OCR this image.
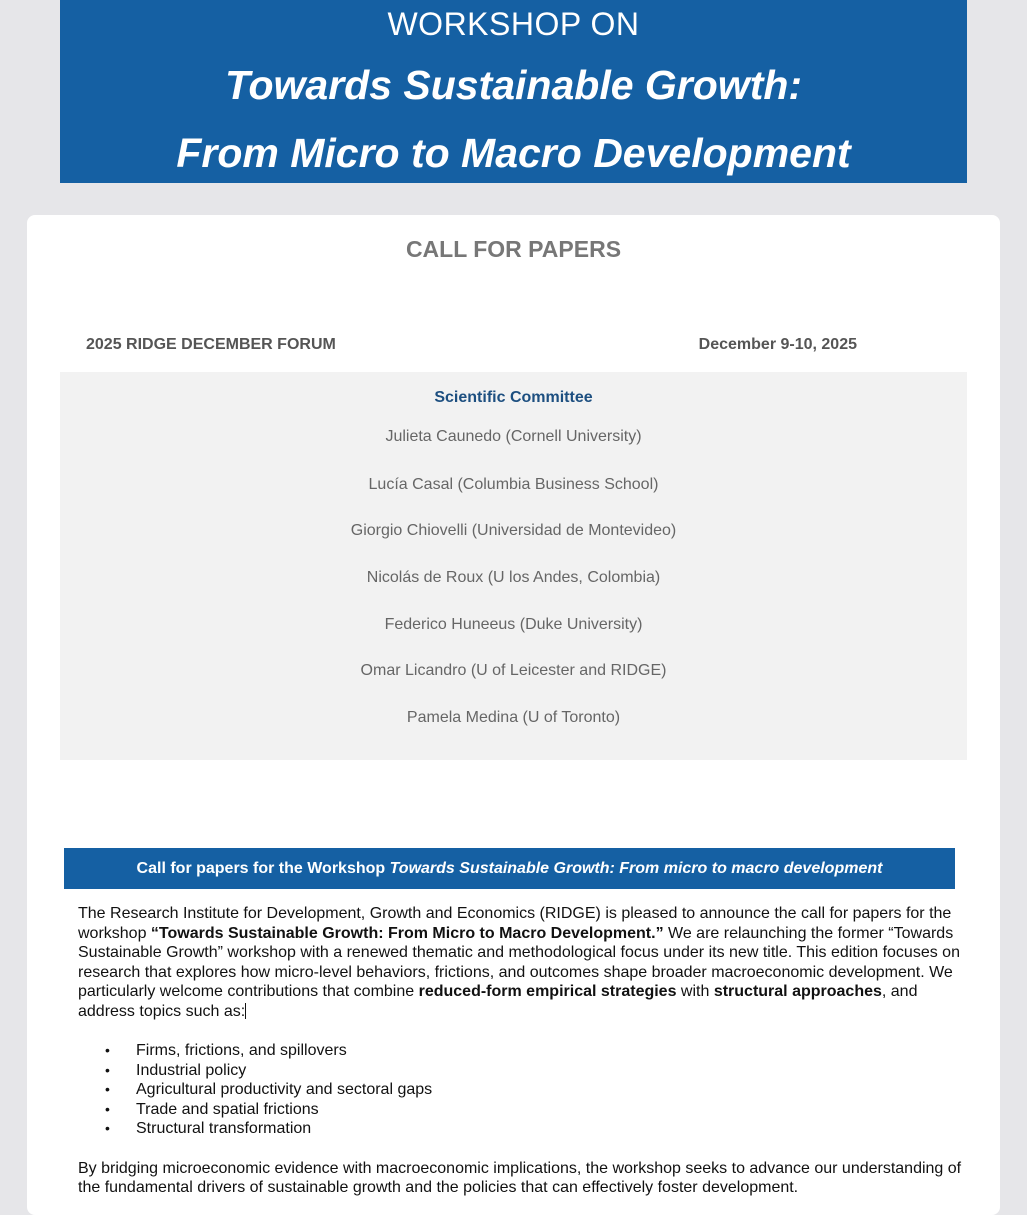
WORKSHOP ON
Towards Sustainable Growth:
From Micro to Macro Development
CALL FOR PAPERS
2025 RIDGE DECEMBER FORUM	December 9-10, 2025
Scientific Committee
Julieta Caunedo (Cornell University)
Lucía Casal (Columbia Business School)
Giorgio Chiovelli (Universidad de Montevideo)
Nicolás de Roux (U los Andes, Colombia)
Federico Huneeus (Duke University)
Omar Licandro (U of Leicester and RIDGE)
Pamela Medina (U of Toronto)
Call for papers for the Workshop Towards Sustainable Growth: From micro to macro development

The Research Institute for Development, Growth and Economics (RIDGE) is pleased to announce the call for papers for the workshop “Towards Sustainable Growth: From Micro to Macro Development.” We are relaunching the former “Towards Sustainable Growth” workshop with a renewed thematic and methodological focus under its new title. This edition focuses on research that explores how micro-level behaviors, frictions, and outcomes shape broader macroeconomic development. We particularly welcome contributions that combine reduced-form empirical strategies with structural approaches, and address topics such as:

• Firms, frictions, and spillovers
• Industrial policy
• Agricultural productivity and sectoral gaps
• Trade and spatial frictions
• Structural transformation

By bridging microeconomic evidence with macroeconomic implications, the workshop seeks to advance our understanding of the fundamental drivers of sustainable growth and the policies that can effectively foster development.
